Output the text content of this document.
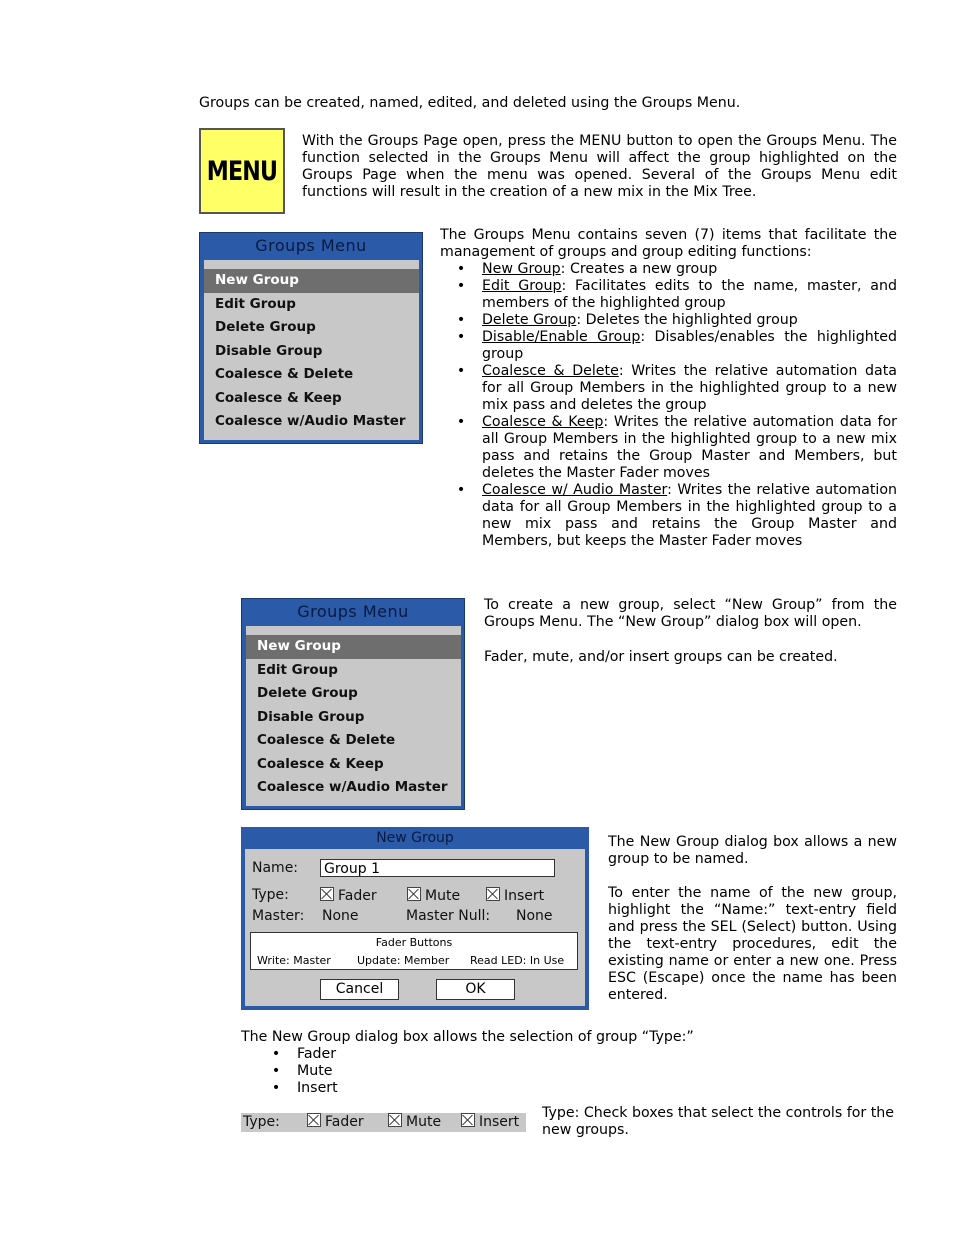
Groups can be created, named, edited, and deleted using the Groups Menu.
MENU
With the Groups Page open, press the MENU button to open the Groups Menu. The function selected in the Groups Menu will affect the group highlighted on the Groups Page when the menu was opened. Several of the Groups Menu edit functions will result in the creation of a new mix in the Mix Tree.
Groups Menu
New Group
Edit Group
Delete Group
Disable Group
Coalesce & Delete
Coalesce & Keep
Coalesce w/Audio Master
The Groups Menu contains seven (7) items that facilitate the management of groups and group editing functions:
• New Group: Creates a new group
• Edit Group: Facilitates edits to the name, master, and members of the highlighted group
• Delete Group: Deletes the highlighted group
• Disable/Enable Group: Disables/enables the highlighted group
• Coalesce & Delete: Writes the relative automation data for all Group Members in the highlighted group to a new mix pass and deletes the group
• Coalesce & Keep: Writes the relative automation data for all Group Members in the highlighted group to a new mix pass and retains the Group Master and Members, but deletes the Master Fader moves
• Coalesce w/ Audio Master: Writes the relative automation data for all Group Members in the highlighted group to a new mix pass and retains the Group Master and Members, but keeps the Master Fader moves
Groups Menu
New Group
Edit Group
Delete Group
Disable Group
Coalesce & Delete
Coalesce & Keep
Coalesce w/Audio Master
To create a new group, select “New Group” from the Groups Menu. The “New Group” dialog box will open.
Fader, mute, and/or insert groups can be created.
New Group
Name: Group 1
Type:	Fader	Mute	Insert
Master: None	Master Null: None
Fader Buttons
Write: Master Update: Member Read LED: In Use
Cancel	OK
The New Group dialog box allows a new group to be named.
To enter the name of the new group, highlight the “Name:” text-entry field and press the SEL (Select) button. Using the text-entry procedures, edit the existing name or enter a new one. Press ESC (Escape) once the name has been entered.
The New Group dialog box allows the selection of group “Type:”
• Fader
• Mute
• Insert
Type:	Fader	Mute	Insert
Type: Check boxes that select the controls for the new groups.
